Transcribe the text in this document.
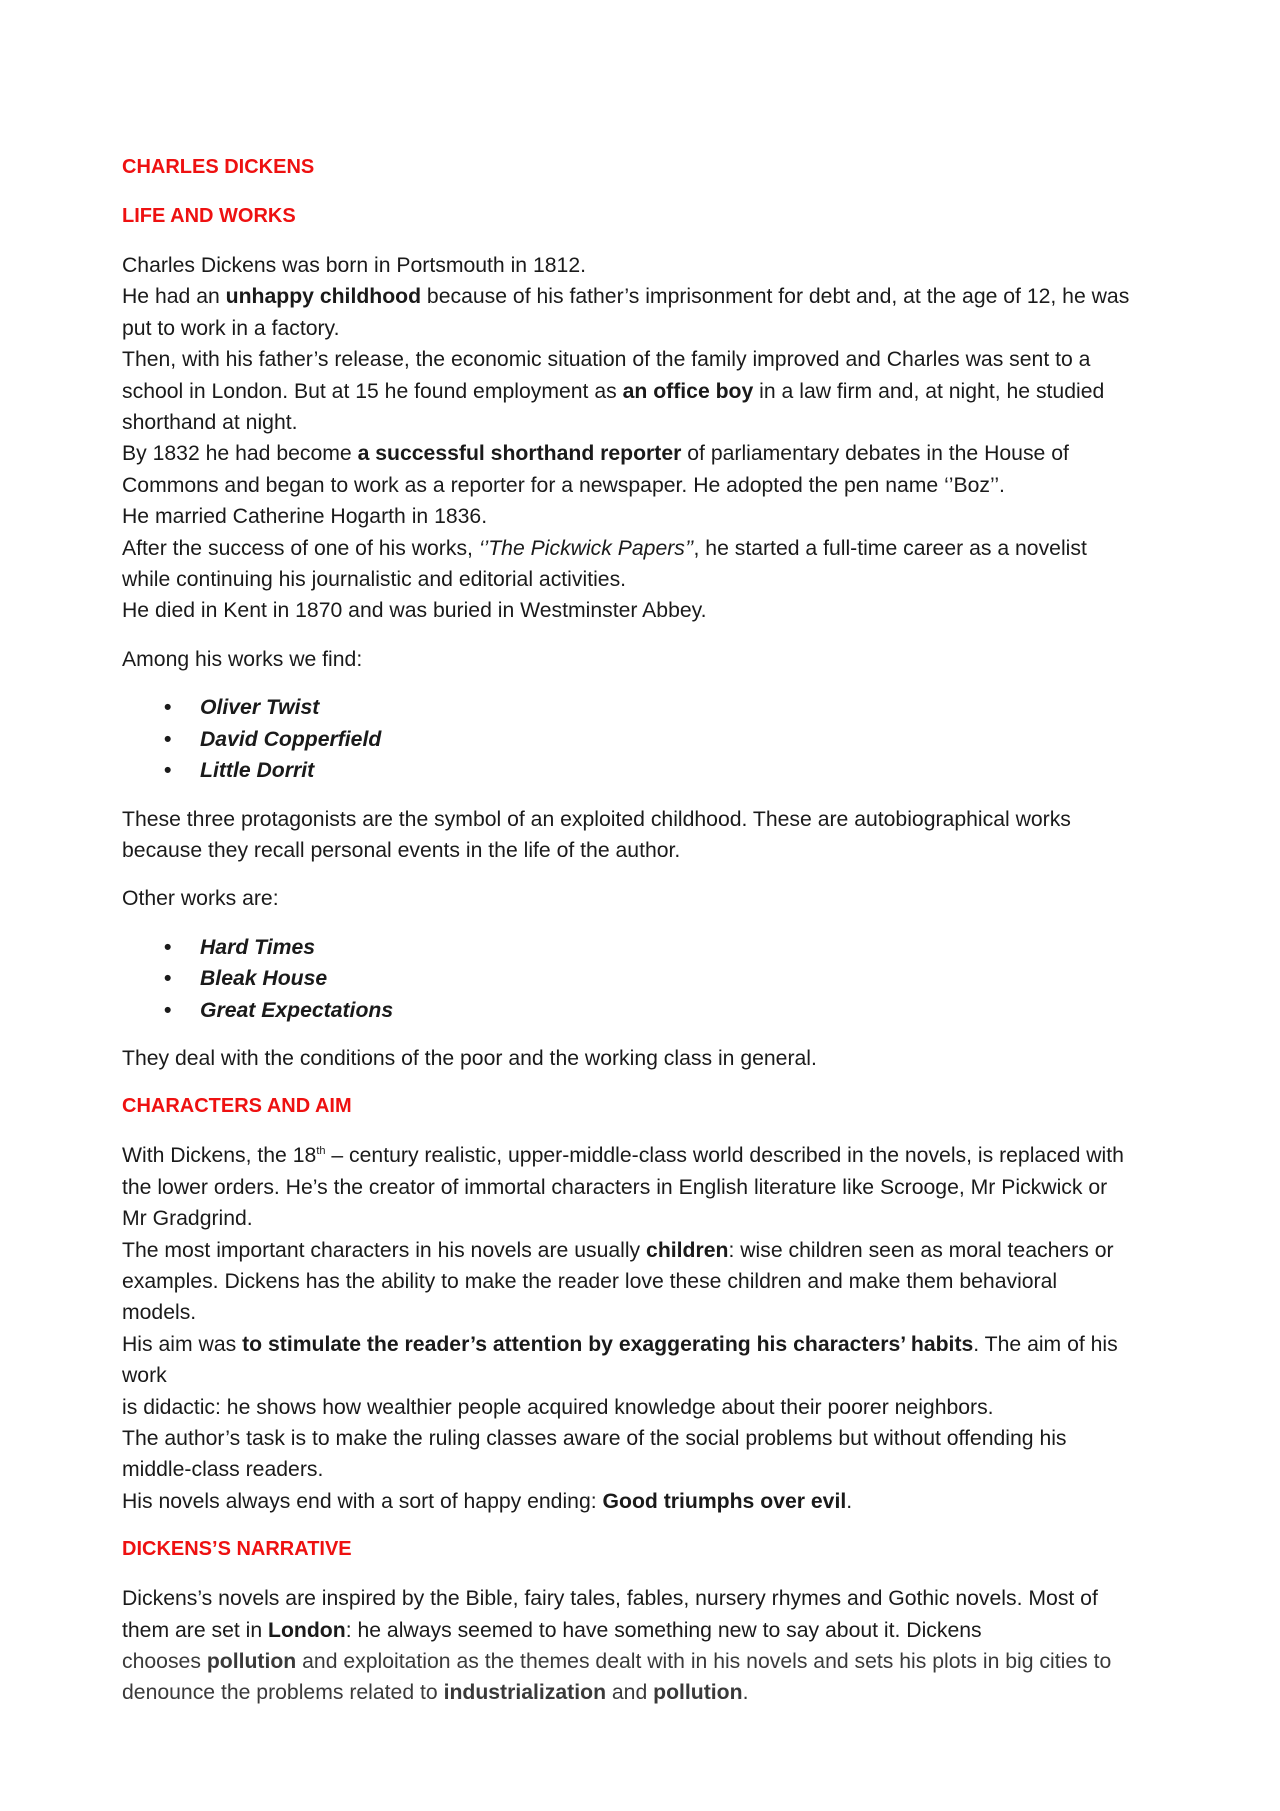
CHARLES DICKENS
LIFE AND WORKS

Charles Dickens was born in Portsmouth in 1812.
He had an unhappy childhood because of his father’s imprisonment for debt and, at the age of 12, he was
put to work in a factory.
Then, with his father’s release, the economic situation of the family improved and Charles was sent to a
school in London. But at 15 he found employment as an office boy in a law firm and, at night, he studied
shorthand at night.
By 1832 he had become a successful shorthand reporter of parliamentary debates in the House of
Commons and began to work as a reporter for a newspaper. He adopted the pen name ‘’Boz’’.
He married Catherine Hogarth in 1836.
After the success of one of his works, ‘’The Pickwick Papers’’, he started a full-time career as a novelist
while continuing his journalistic and editorial activities.
He died in Kent in 1870 and was buried in Westminster Abbey.

Among his works we find:

• Oliver Twist
• David Copperfield
• Little Dorrit

These three protagonists are the symbol of an exploited childhood. These are autobiographical works
because they recall personal events in the life of the author.

Other works are:

• Hard Times
• Bleak House
• Great Expectations

They deal with the conditions of the poor and the working class in general.

CHARACTERS AND AIM

With Dickens, the 18th – century realistic, upper-middle-class world described in the novels, is replaced with
the lower orders. He’s the creator of immortal characters in English literature like Scrooge, Mr Pickwick or
Mr Gradgrind.
The most important characters in his novels are usually children: wise children seen as moral teachers or
examples. Dickens has the ability to make the reader love these children and make them behavioral
models.
His aim was to stimulate the reader’s attention by exaggerating his characters’ habits. The aim of his work
is didactic: he shows how wealthier people acquired knowledge about their poorer neighbors.
The author’s task is to make the ruling classes aware of the social problems but without offending his
middle-class readers.
His novels always end with a sort of happy ending: Good triumphs over evil.

DICKENS’S NARRATIVE

Dickens’s novels are inspired by the Bible, fairy tales, fables, nursery rhymes and Gothic novels. Most of
them are set in London: he always seemed to have something new to say about it. Dickens
chooses pollution and exploitation as the themes dealt with in his novels and sets his plots in big cities to
denounce the problems related to industrialization and pollution.
